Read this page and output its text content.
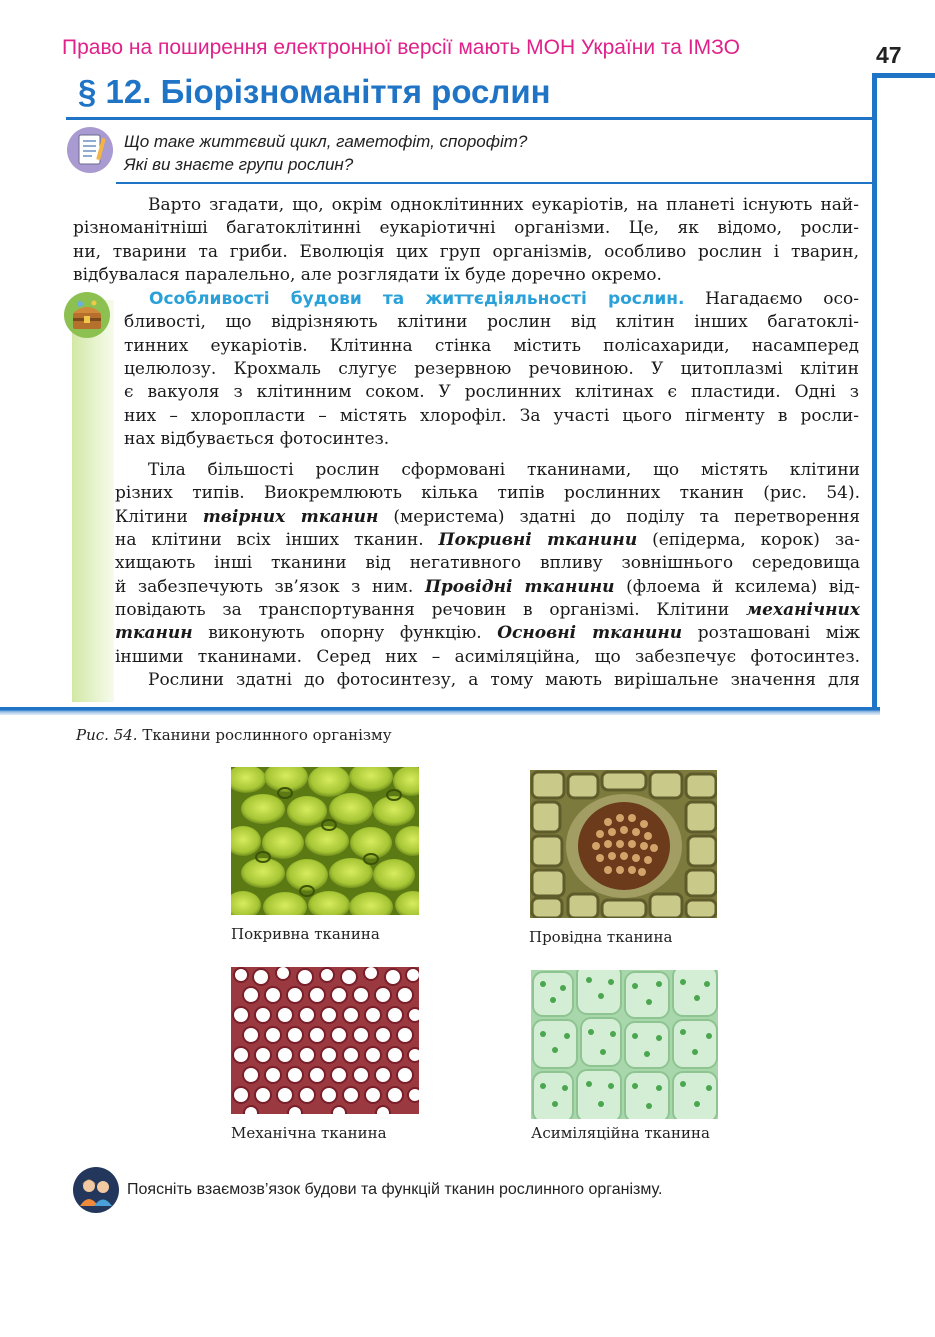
Право на поширення електронної версії мають МОН України та ІМЗО	47
§ 12. Біорізноманіття рослин
Що таке життєвий цикл, гаметофіт, спорофіт?
Які ви знаєте групи рослин?
Варто згадати, що, окрім одноклітинних еукаріотів, на планеті існують най-
різноманітніші багатоклітинні еукаріотичні організми. Це, як відомо, росли-
ни, тварини та гриби. Еволюція цих груп організмів, особливо рослин і тварин,
відбувалася паралельно, але розглядати їх буде доречно окремо.
Особливості будови та життєдіяльності рослин. Нагадаємо осо-
бливості, що відрізняють клітини рослин від клітин інших багатоклі-
тинних еукаріотів. Клітинна стінка містить полісахариди, насамперед
целюлозу. Крохмаль слугує резервною речовиною. У цитоплазмі клітин
є вакуоля з клітинним соком. У рослинних клітинах є пластиди. Одні з
них – хлоропласти – містять хлорофіл. За участі цього пігменту в росли-
нах відбувається фотосинтез.
Тіла більшості рослин сформовані тканинами, що містять клітини
різних типів. Виокремлюють кілька типів рослинних тканин (рис. 54).
Клітини твірних тканин (меристема) здатні до поділу та перетворення
на клітини всіх інших тканин. Покривні тканини (епідерма, корок) за-
хищають інші тканини від негативного впливу зовнішнього середовища
й забезпечують зв’язок з ним. Провідні тканини (флоема й ксилема) від-
повідають за транспортування речовин в організмі. Клітини механічних
тканин виконують опорну функцію. Основні тканини розташовані між
іншими тканинами. Серед них – асиміляційна, що забезпечує фотосинтез.
Рослини здатні до фотосинтезу, а тому мають вирішальне значення для
Рис. 54. Тканини рослинного організму
Покривна тканина	Провідна тканина
Механічна тканина	Асиміляційна тканина
Поясніть взаємозв’язок будови та функцій тканин рослинного організму.
